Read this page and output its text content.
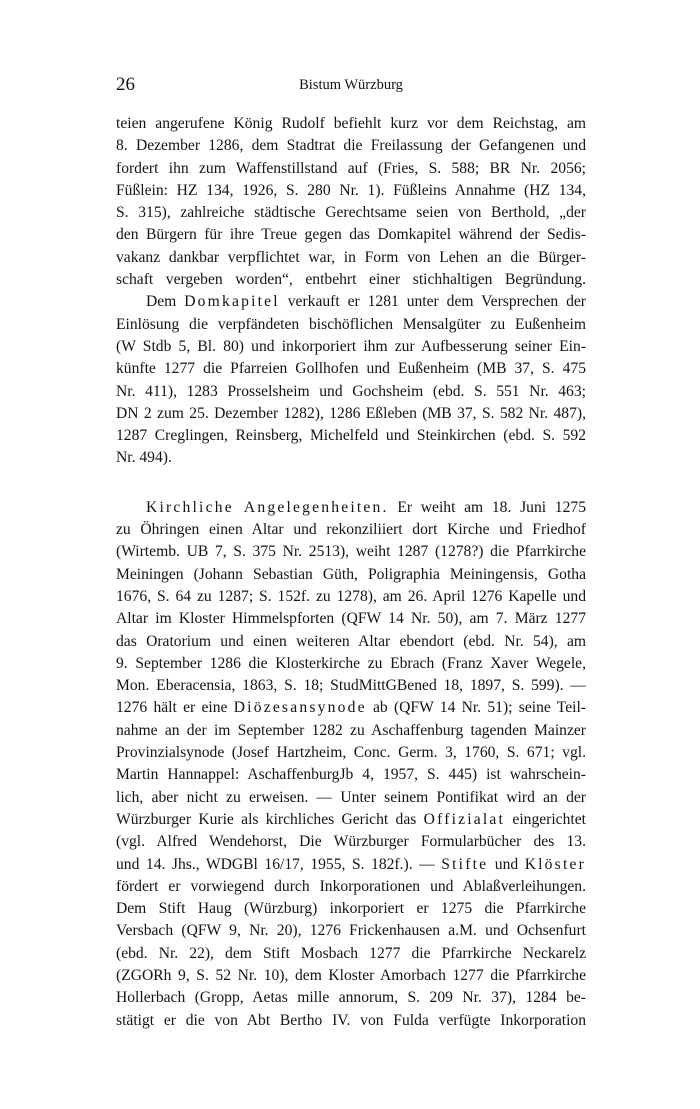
26	Bistum Würzburg
teien angerufene König Rudolf befiehlt kurz vor dem Reichstag, am
8. Dezember 1286, dem Stadtrat die Freilassung der Gefangenen und
fordert ihn zum Waffenstillstand auf (Fries, S. 588; BR Nr. 2056;
Füßlein: HZ 134, 1926, S. 280 Nr. 1). Füßleins Annahme (HZ 134,
S. 315), zahlreiche städtische Gerechtsame seien von Berthold, „der
den Bürgern für ihre Treue gegen das Domkapitel während der Sedis-
vakanz dankbar verpflichtet war, in Form von Lehen an die Bürger-
schaft vergeben worden“, entbehrt einer stichhaltigen Begründung.
Dem Domkapitel verkauft er 1281 unter dem Versprechen der
Einlösung die verpfändeten bischöflichen Mensalgüter zu Eußenheim
(W Stdb 5, Bl. 80) und inkorporiert ihm zur Aufbesserung seiner Ein-
künfte 1277 die Pfarreien Gollhofen und Eußenheim (MB 37, S. 475
Nr. 411), 1283 Prosselsheim und Gochsheim (ebd. S. 551 Nr. 463;
DN 2 zum 25. Dezember 1282), 1286 Eßleben (MB 37, S. 582 Nr. 487),
1287 Creglingen, Reinsberg, Michelfeld und Steinkirchen (ebd. S. 592
Nr. 494).
Kirchliche Angelegenheiten. Er weiht am 18. Juni 1275
zu Öhringen einen Altar und rekonziliiert dort Kirche und Friedhof
(Wirtemb. UB 7, S. 375 Nr. 2513), weiht 1287 (1278?) die Pfarrkirche
Meiningen (Johann Sebastian Güth, Poligraphia Meiningensis, Gotha
1676, S. 64 zu 1287; S. 152f. zu 1278), am 26. April 1276 Kapelle und
Altar im Kloster Himmelspforten (QFW 14 Nr. 50), am 7. März 1277
das Oratorium und einen weiteren Altar ebendort (ebd. Nr. 54), am
9. September 1286 die Klosterkirche zu Ebrach (Franz Xaver Wegele,
Mon. Eberacensia, 1863, S. 18; StudMittGBened 18, 1897, S. 599). —
1276 hält er eine Diözesansynode ab (QFW 14 Nr. 51); seine Teil-
nahme an der im September 1282 zu Aschaffenburg tagenden Mainzer
Provinzialsynode (Josef Hartzheim, Conc. Germ. 3, 1760, S. 671; vgl.
Martin Hannappel: AschaffenburgJb 4, 1957, S. 445) ist wahrschein-
lich, aber nicht zu erweisen. — Unter seinem Pontifikat wird an der
Würzburger Kurie als kirchliches Gericht das Offizialat eingerichtet
(vgl. Alfred Wendehorst, Die Würzburger Formularbücher des 13.
und 14. Jhs., WDGBl 16/17, 1955, S. 182f.). — Stifte und Klöster
fördert er vorwiegend durch Inkorporationen und Ablaßverleihungen.
Dem Stift Haug (Würzburg) inkorporiert er 1275 die Pfarrkirche
Versbach (QFW 9, Nr. 20), 1276 Frickenhausen a.M. und Ochsenfurt
(ebd. Nr. 22), dem Stift Mosbach 1277 die Pfarrkirche Neckarelz
(ZGORh 9, S. 52 Nr. 10), dem Kloster Amorbach 1277 die Pfarrkirche
Hollerbach (Gropp, Aetas mille annorum, S. 209 Nr. 37), 1284 be-
stätigt er die von Abt Bertho IV. von Fulda verfügte Inkorporation
